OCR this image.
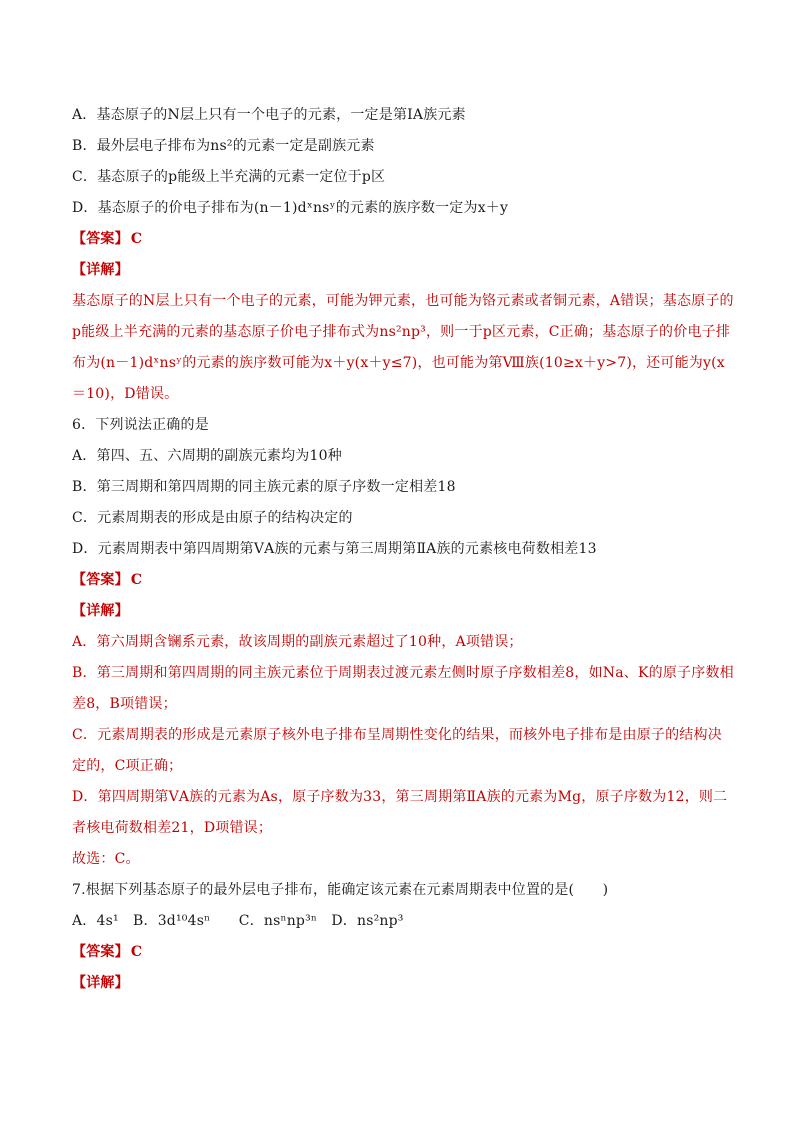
A．基态原子的N层上只有一个电子的元素，一定是第ⅠA族元素
B．最外层电子排布为ns²的元素一定是副族元素
C．基态原子的p能级上半充满的元素一定位于p区
D．基态原子的价电子排布为(n－1)dˣnsʸ的元素的族序数一定为x＋y
【答案】 C
【详解】
基态原子的N层上只有一个电子的元素，可能为钾元素，也可能为铬元素或者铜元素，A错误；基态原子的p能级上半充满的元素的基态原子价电子排布式为ns²np³，则一于p区元素，C正确；基态原子的价电子排布为(n－1)dˣnsʸ的元素的族序数可能为x＋y(x＋y≤7)，也可能为第Ⅷ族(10≥x＋y>7)，还可能为y(x＝10)，D错误。
6．下列说法正确的是
A．第四、五、六周期的副族元素均为10种
B．第三周期和第四周期的同主族元素的原子序数一定相差18
C．元素周期表的形成是由原子的结构决定的
D．元素周期表中第四周期第ⅤA族的元素与第三周期第ⅡA族的元素核电荷数相差13
【答案】 C
【详解】
A．第六周期含镧系元素，故该周期的副族元素超过了10种，A项错误；
B．第三周期和第四周期的同主族元素位于周期表过渡元素左侧时原子序数相差8，如Na、K的原子序数相差8，B项错误；
C．元素周期表的形成是元素原子核外电子排布呈周期性变化的结果，而核外电子排布是由原子的结构决定的，C项正确；
D．第四周期第ⅤA族的元素为As，原子序数为33，第三周期第ⅡA族的元素为Mg，原子序数为12，则二者核电荷数相差21，D项错误；
故选：C。
7.根据下列基态原子的最外层电子排布，能确定该元素在元素周期表中位置的是(　　)
A．4s¹　B．3d¹⁰4sⁿ　　C．nsⁿnp³ⁿ　D．ns²np³
【答案】 C
【详解】
